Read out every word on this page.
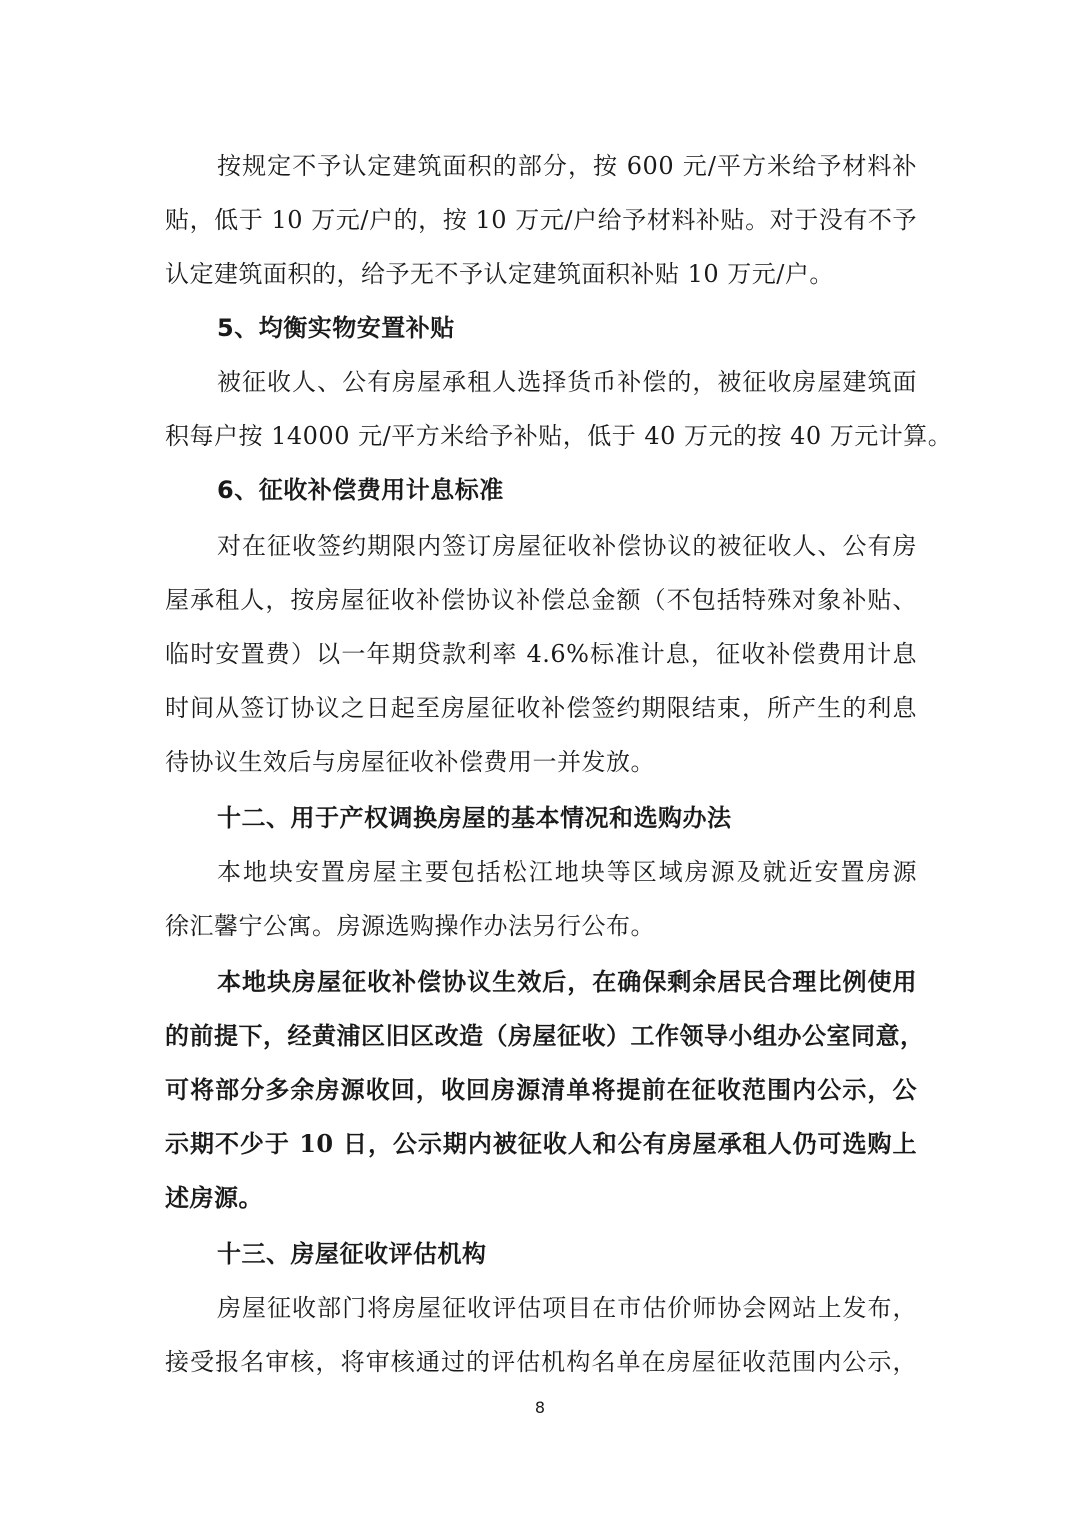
按规定不予认定建筑面积的部分，按 600 元/平方米给予材料补
贴，低于 10 万元/户的，按 10 万元/户给予材料补贴。对于没有不予
认定建筑面积的，给予无不予认定建筑面积补贴 10 万元/户。
5、均衡实物安置补贴
被征收人、公有房屋承租人选择货币补偿的，被征收房屋建筑面
积每户按 14000 元/平方米给予补贴，低于 40 万元的按 40 万元计算。
6、征收补偿费用计息标准
对在征收签约期限内签订房屋征收补偿协议的被征收人、公有房
屋承租人，按房屋征收补偿协议补偿总金额（不包括特殊对象补贴、
临时安置费）以一年期贷款利率 4.6%标准计息，征收补偿费用计息
时间从签订协议之日起至房屋征收补偿签约期限结束，所产生的利息
待协议生效后与房屋征收补偿费用一并发放。
十二、用于产权调换房屋的基本情况和选购办法
本地块安置房屋主要包括松江地块等区域房源及就近安置房源
徐汇馨宁公寓。房源选购操作办法另行公布。
本地块房屋征收补偿协议生效后，在确保剩余居民合理比例使用
的前提下，经黄浦区旧区改造（房屋征收）工作领导小组办公室同意，
可将部分多余房源收回，收回房源清单将提前在征收范围内公示，公
示期不少于 10 日，公示期内被征收人和公有房屋承租人仍可选购上
述房源。
十三、房屋征收评估机构
房屋征收部门将房屋征收评估项目在市估价师协会网站上发布，
接受报名审核，将审核通过的评估机构名单在房屋征收范围内公示，
8
